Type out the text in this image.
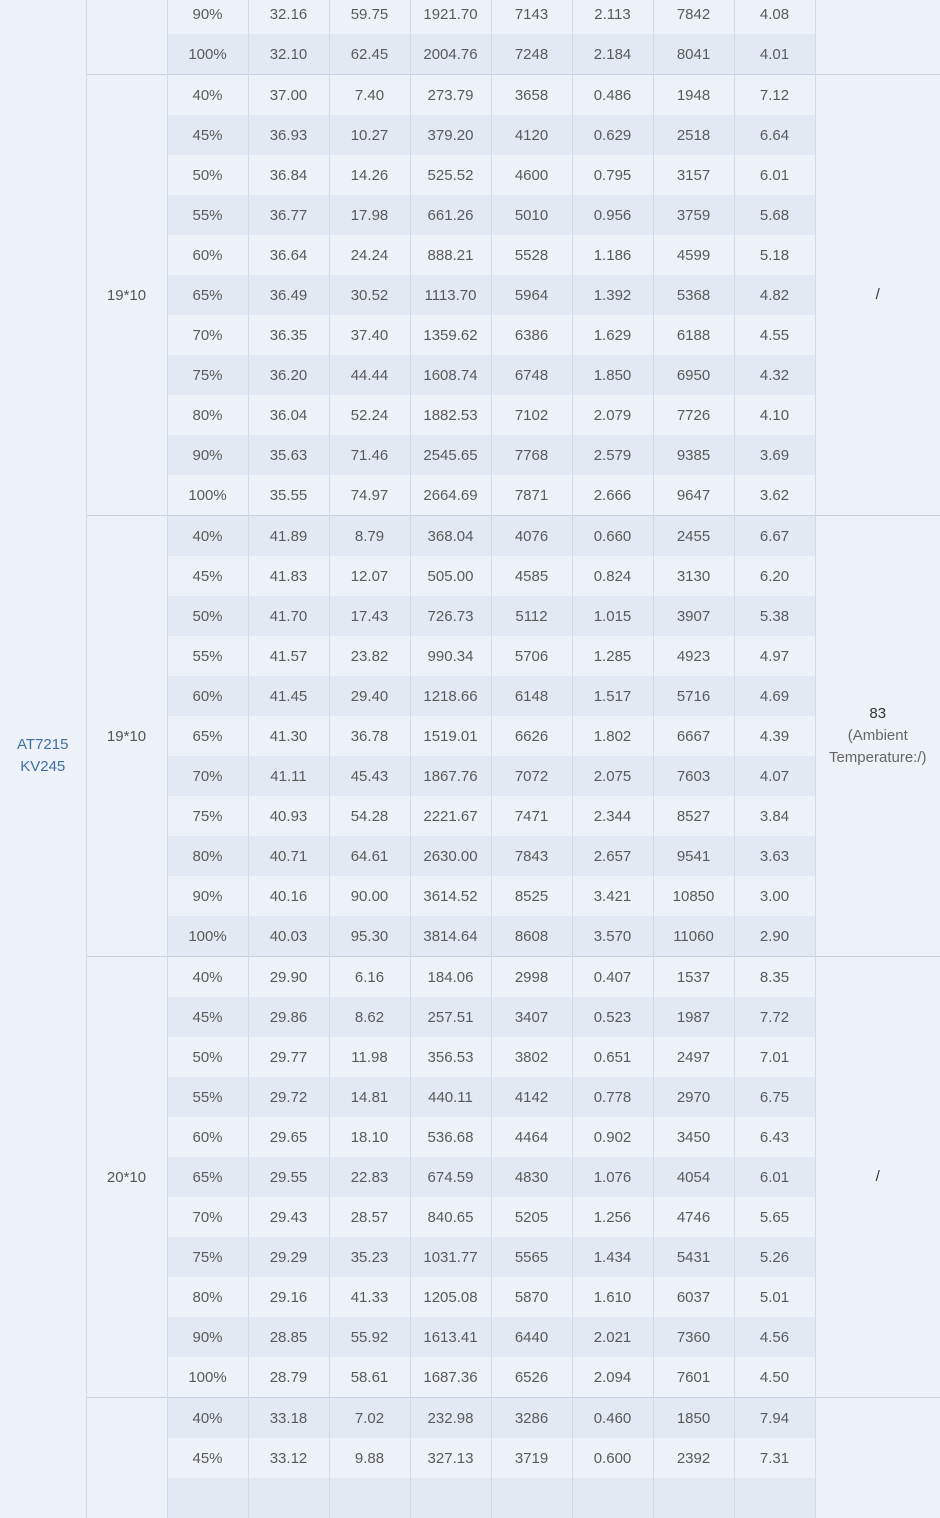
AT7215
KV245		90%	32.16	59.75	1921.70	7143	2.113	7842	4.08	

		100%	32.10	62.45	2004.76	7248	2.184	8041	4.01	
	19*10	40%	37.00	7.40	273.79	3658	0.486	1948	7.12	/

		45%	36.93	10.27	379.20	4120	0.629	2518	6.64	
		50%	36.84	14.26	525.52	4600	0.795	3157	6.01	
		55%	36.77	17.98	661.26	5010	0.956	3759	5.68	
		60%	36.64	24.24	888.21	5528	1.186	4599	5.18	
		65%	36.49	30.52	1113.70	5964	1.392	5368	4.82	
		70%	36.35	37.40	1359.62	6386	1.629	6188	4.55	
		75%	36.20	44.44	1608.74	6748	1.850	6950	4.32	
		80%	36.04	52.24	1882.53	7102	2.079	7726	4.10	
		90%	35.63	71.46	2545.65	7768	2.579	9385	3.69	
		100%	35.55	74.97	2664.69	7871	2.666	9647	3.62	
	19*10	40%	41.89	8.79	368.04	4076	0.660	2455	6.67	83
(Ambient Temperature:/)

		45%	41.83	12.07	505.00	4585	0.824	3130	6.20	
		50%	41.70	17.43	726.73	5112	1.015	3907	5.38	
		55%	41.57	23.82	990.34	5706	1.285	4923	4.97	
		60%	41.45	29.40	1218.66	6148	1.517	5716	4.69	
		65%	41.30	36.78	1519.01	6626	1.802	6667	4.39	
		70%	41.11	45.43	1867.76	7072	2.075	7603	4.07	
		75%	40.93	54.28	2221.67	7471	2.344	8527	3.84	
		80%	40.71	64.61	2630.00	7843	2.657	9541	3.63	
		90%	40.16	90.00	3614.52	8525	3.421	10850	3.00	
		100%	40.03	95.30	3814.64	8608	3.570	11060	2.90	
	20*10	40%	29.90	6.16	184.06	2998	0.407	1537	8.35	/

		45%	29.86	8.62	257.51	3407	0.523	1987	7.72	
		50%	29.77	11.98	356.53	3802	0.651	2497	7.01	
		55%	29.72	14.81	440.11	4142	0.778	2970	6.75	
		60%	29.65	18.10	536.68	4464	0.902	3450	6.43	
		65%	29.55	22.83	674.59	4830	1.076	4054	6.01	
		70%	29.43	28.57	840.65	5205	1.256	4746	5.65	
		75%	29.29	35.23	1031.77	5565	1.434	5431	5.26	
		80%	29.16	41.33	1205.08	5870	1.610	6037	5.01	
		90%	28.85	55.92	1613.41	6440	2.021	7360	4.56	
		100%	28.79	58.61	1687.36	6526	2.094	7601	4.50	
		40%	33.18	7.02	232.98	3286	0.460	1850	7.94	

		45%	33.12	9.88	327.13	3719	0.600	2392	7.31	
